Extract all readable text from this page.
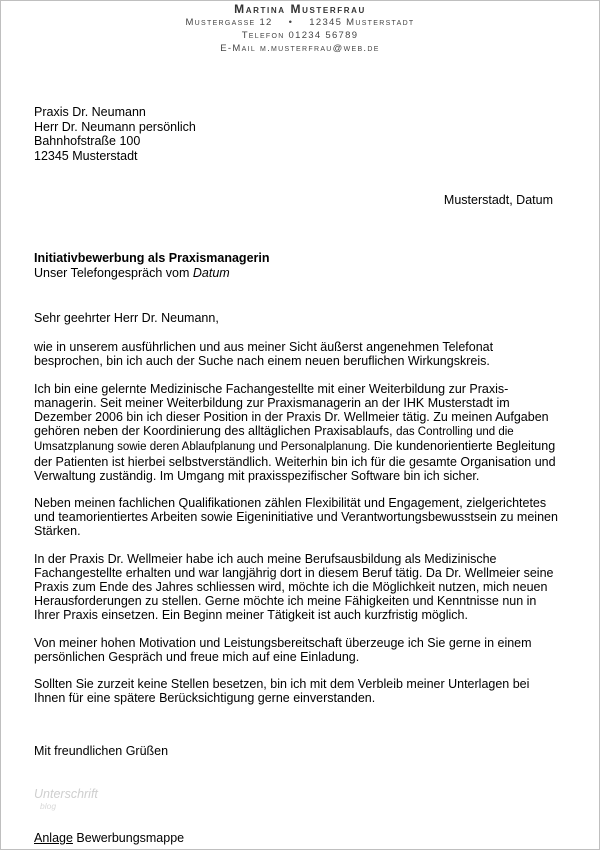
Martina Musterfrau
Mustergasse 12 • 12345 Musterstadt
Telefon 01234 56789
E-Mail m.musterfrau@web.de
Praxis Dr. Neumann
Herr Dr. Neumann persönlich
Bahnhofstraße 100
12345 Musterstadt
Musterstadt, Datum
Initiativbewerbung als Praxismanagerin
Unser Telefongespräch vom Datum

Sehr geehrter Herr Dr. Neumann,

wie in unserem ausführlichen und aus meiner Sicht äußerst angenehmen Telefonat besprochen, bin ich auch der Suche nach einem neuen beruflichen Wirkungskreis.

Ich bin eine gelernte Medizinische Fachangestellte mit einer Weiterbildung zur Praxis-managerin. Seit meiner Weiterbildung zur Praxismanagerin an der IHK Musterstadt im Dezember 2006 bin ich dieser Position in der Praxis Dr. Wellmeier tätig. Zu meinen Aufgaben gehören neben der Koordinierung des alltäglichen Praxisablaufs, das Controlling und die Umsatzplanung sowie deren Ablaufplanung und Personalplanung. Die kundenorientierte Begleitung der Patienten ist hierbei selbstverständlich. Weiterhin bin ich für die gesamte Organisation und Verwaltung zuständig. Im Umgang mit praxisspezifischer Software bin ich sicher.

Neben meinen fachlichen Qualifikationen zählen Flexibilität und Engagement, zielgerichtetes und teamorientiertes Arbeiten sowie Eigeninitiative und Verantwortungsbewusstsein zu meinen Stärken.

In der Praxis Dr. Wellmeier habe ich auch meine Berufsausbildung als Medizinische Fachangestellte erhalten und war langjährig dort in diesem Beruf tätig. Da Dr. Wellmeier seine Praxis zum Ende des Jahres schliessen wird, möchte ich die Möglichkeit nutzen, mich neuen Herausforderungen zu stellen. Gerne möchte ich meine Fähigkeiten und Kenntnisse nun in Ihrer Praxis einsetzen. Ein Beginn meiner Tätigkeit ist auch kurzfristig möglich.

Von meiner hohen Motivation und Leistungsbereitschaft überzeuge ich Sie gerne in einem persönlichen Gespräch und freue mich auf eine Einladung.

Sollten Sie zurzeit keine Stellen besetzen, bin ich mit dem Verbleib meiner Unterlagen bei Ihnen für eine spätere Berücksichtigung gerne einverstanden.

Mit freundlichen Grüßen
Unterschrift
blog
Anlage Bewerbungsmappe
